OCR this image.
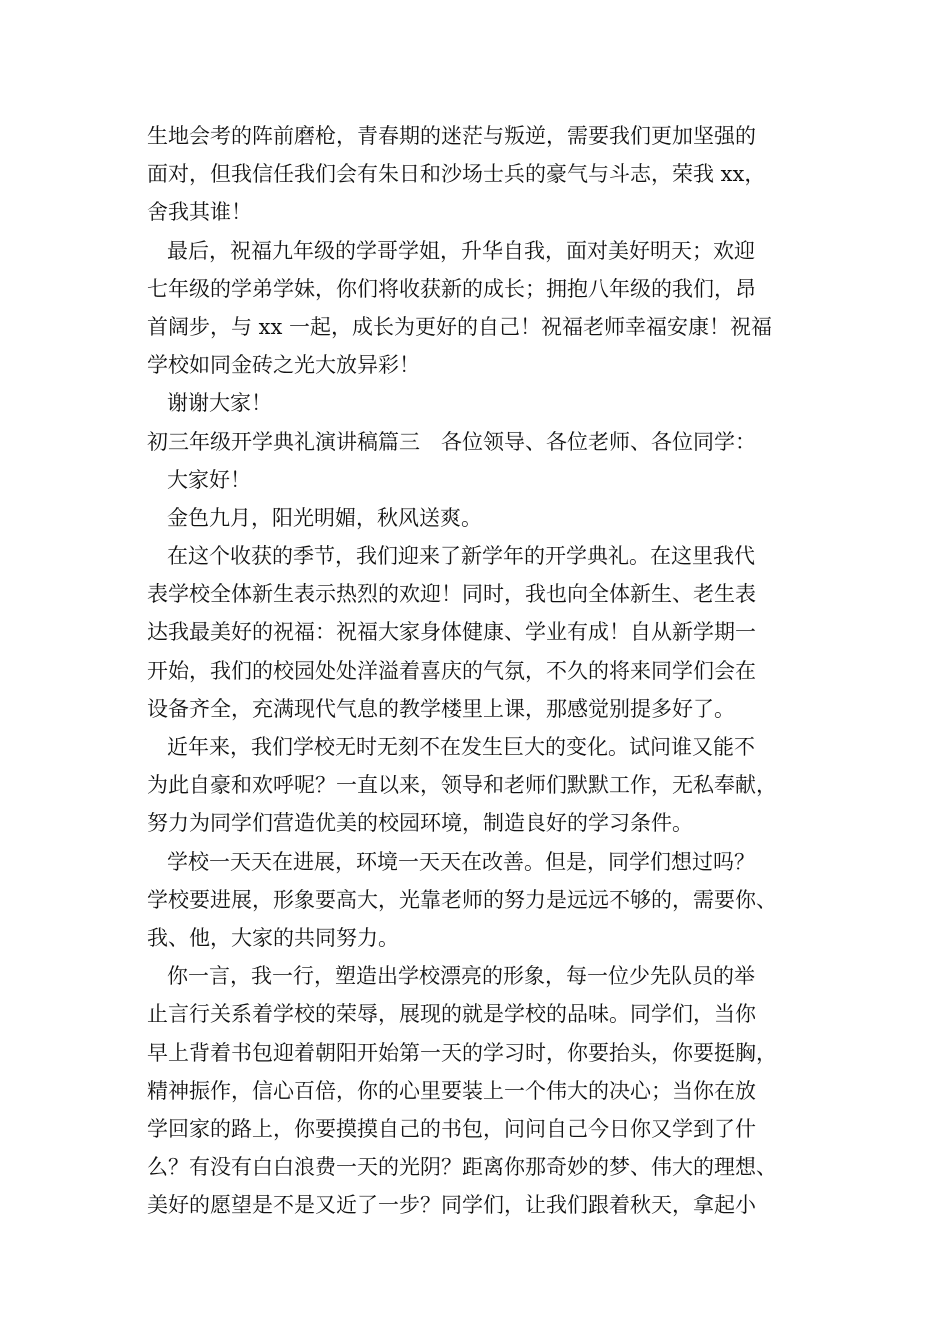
生地会考的阵前磨枪，青春期的迷茫与叛逆，需要我们更加坚强的
面对，但我信任我们会有朱日和沙场士兵的豪气与斗志，荣我 xx，
舍我其谁！
最后，祝福九年级的学哥学姐，升华自我，面对美好明天；欢迎
七年级的学弟学妹，你们将收获新的成长；拥抱八年级的我们，昂
首阔步，与 xx 一起，成长为更好的自己！祝福老师幸福安康！祝福
学校如同金砖之光大放异彩！
谢谢大家！
初三年级开学典礼演讲稿篇三　各位领导、各位老师、各位同学：
大家好！
金色九月，阳光明媚，秋风送爽。
在这个收获的季节，我们迎来了新学年的开学典礼。在这里我代
表学校全体新生表示热烈的欢迎！同时，我也向全体新生、老生表
达我最美好的祝福：祝福大家身体健康、学业有成！自从新学期一
开始，我们的校园处处洋溢着喜庆的气氛，不久的将来同学们会在
设备齐全，充满现代气息的教学楼里上课，那感觉别提多好了。
近年来，我们学校无时无刻不在发生巨大的变化。试问谁又能不
为此自豪和欢呼呢？一直以来，领导和老师们默默工作，无私奉献，
努力为同学们营造优美的校园环境，制造良好的学习条件。
学校一天天在进展，环境一天天在改善。但是，同学们想过吗？
学校要进展，形象要高大，光靠老师的努力是远远不够的，需要你、
我、他，大家的共同努力。
你一言，我一行，塑造出学校漂亮的形象，每一位少先队员的举
止言行关系着学校的荣辱，展现的就是学校的品味。同学们，当你
早上背着书包迎着朝阳开始第一天的学习时，你要抬头，你要挺胸，
精神振作，信心百倍，你的心里要装上一个伟大的决心；当你在放
学回家的路上，你要摸摸自己的书包，问问自己今日你又学到了什
么？有没有白白浪费一天的光阴？距离你那奇妙的梦、伟大的理想、
美好的愿望是不是又近了一步？同学们，让我们跟着秋天，拿起小
